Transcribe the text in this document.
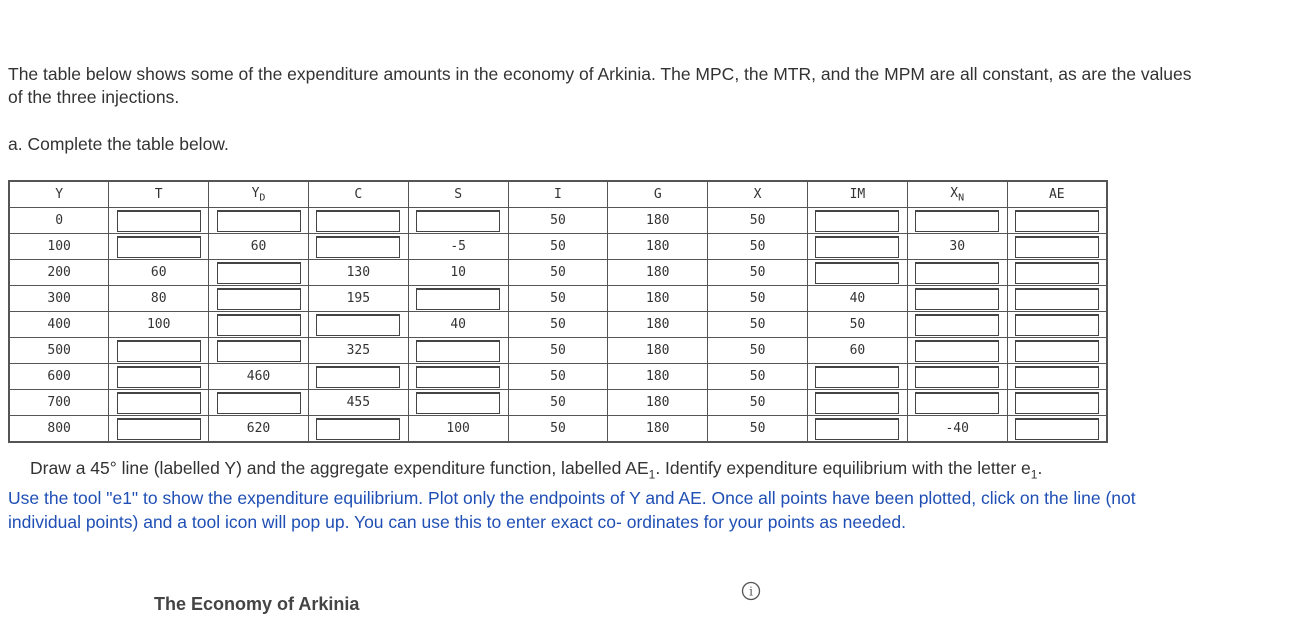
The table below shows some of the expenditure amounts in the economy of Arkinia. The MPC, the MTR, and the MPM are all constant, as are the values of the three injections.

a. Complete the table below.

Y	T	$Y_D$	C	S	I	G	X	IM	$X_N$	AE
0					50	180	50	

100		60		-5	50	180	50		30	

200	60		130	10	50	180	50	

300	80		195		50	180	50	40	

400	100			40	50	180	50	50	

500			325		50	180	50	60	

600		460			50	180	50	

700			455		50	180	50	

800		620		100	50	180	50		-40	

Draw a 45° line (labelled Y) and the aggregate expenditure function, labelled $AE_1$. Identify expenditure equilibrium with the letter $e_1$.

Use the tool "e1" to show the expenditure equilibrium. Plot only the endpoints of Y and AE. Once all points have been plotted, click on the line (not individual points) and a tool icon will pop up. You can use this to enter exact co- ordinates for your points as needed.

i

The Economy of Arkinia
